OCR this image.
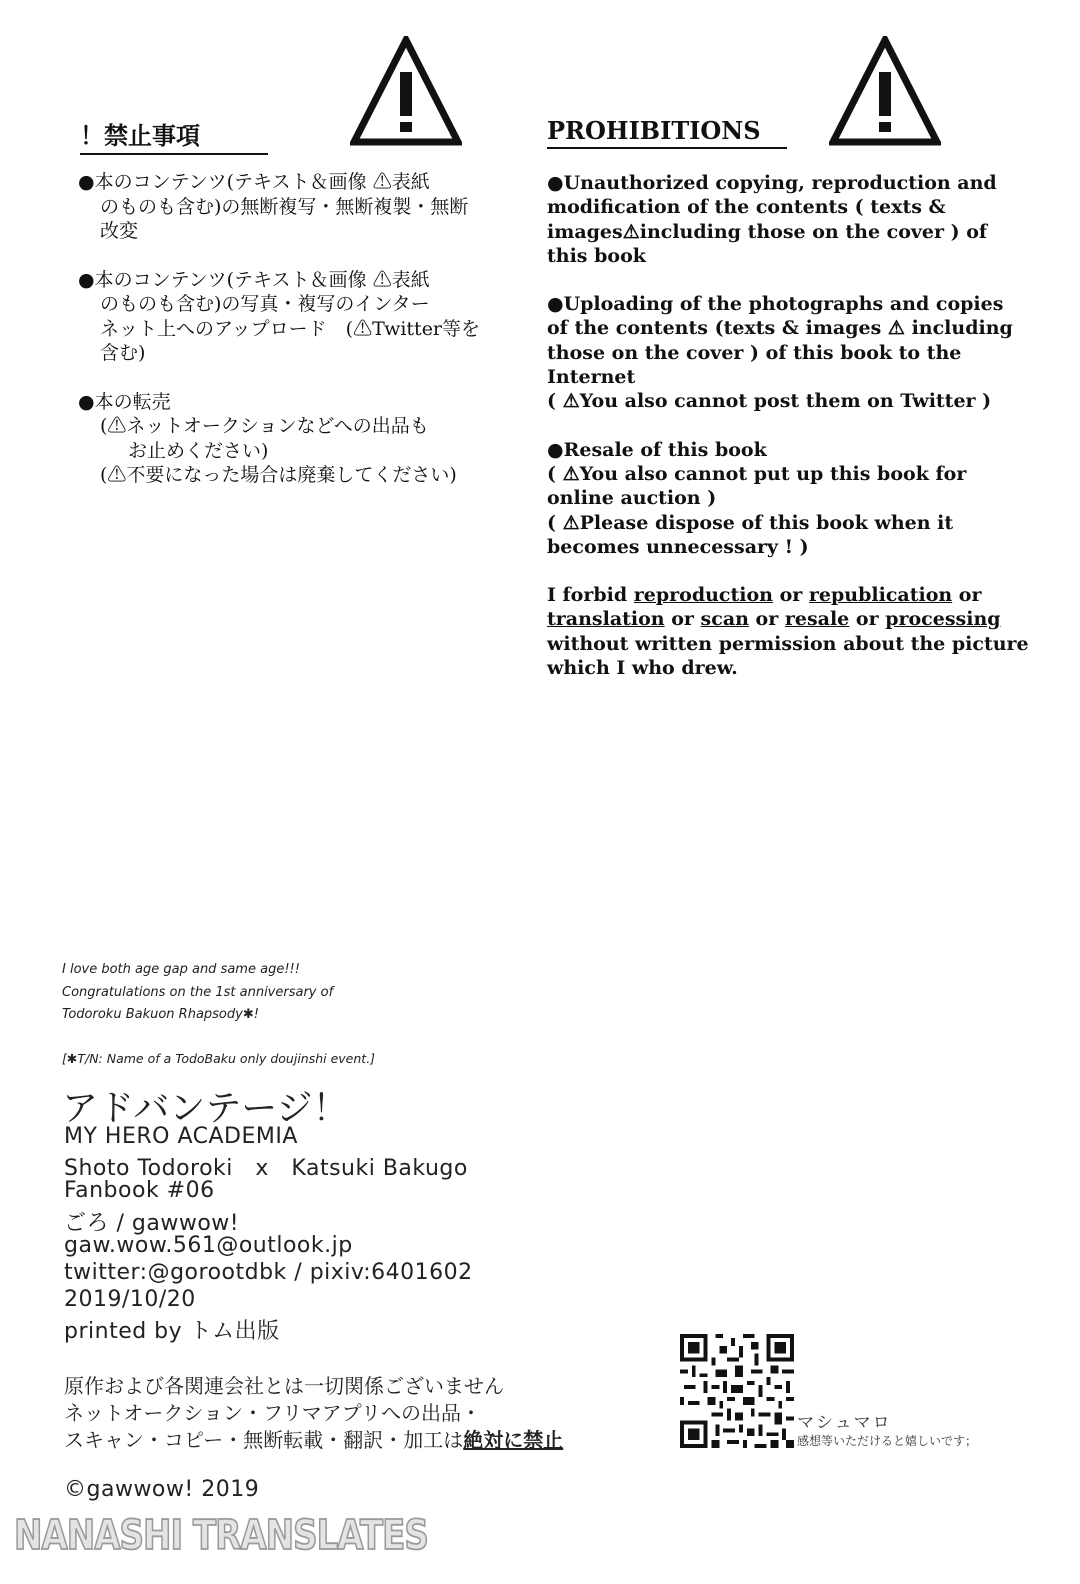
！禁止事項
●本のコンテンツ(テキスト＆画像 ⚠表紙
のものも含む)の無断複写・無断複製・無断
改変
●本のコンテンツ(テキスト＆画像 ⚠表紙
のものも含む)の写真・複写のインター
ネット上へのアップロード　(⚠Twitter等を
含む)
●本の転売
(⚠ネットオークションなどへの出品も
お止めください)
(⚠不要になった場合は廃棄してください)
PROHIBITIONS
●Unauthorized copying, reproduction and
modification of the contents ( texts &
images⚠including those on the cover ) of
this book
●Uploading of the photographs and copies
of the contents (texts & images ⚠ including
those on the cover ) of this book to the
Internet
( ⚠You also cannot post them on Twitter )
●Resale of this book
( ⚠You also cannot put up this book for
online auction )
( ⚠Please dispose of this book when it
becomes unnecessary ! )
I forbid reproduction or republication or
translation or scan or resale or processing
without written permission about the picture
which I who drew.
I love both age gap and same age!!!
Congratulations on the 1st anniversary of
Todoroku Bakuon Rhapsody✱!
[✱T/N: Name of a TodoBaku only doujinshi event.]
アドバンテージ！
MY HERO ACADEMIA
Shoto Todoroki　x　Katsuki Bakugo
Fanbook #06
ごろ / gawwow!
gaw.wow.561@outlook.jp
twitter:@gorootdbk / pixiv:6401602
2019/10/20
printed by トム出版
原作および各関連会社とは一切関係ございません
ネットオークション・フリマアプリへの出品・
スキャン・コピー・無断転載・翻訳・加工は絶対に禁止
©gawwow! 2019
マシュマロ
感想等いただけると嬉しいです；
NANASHI TRANSLATES
